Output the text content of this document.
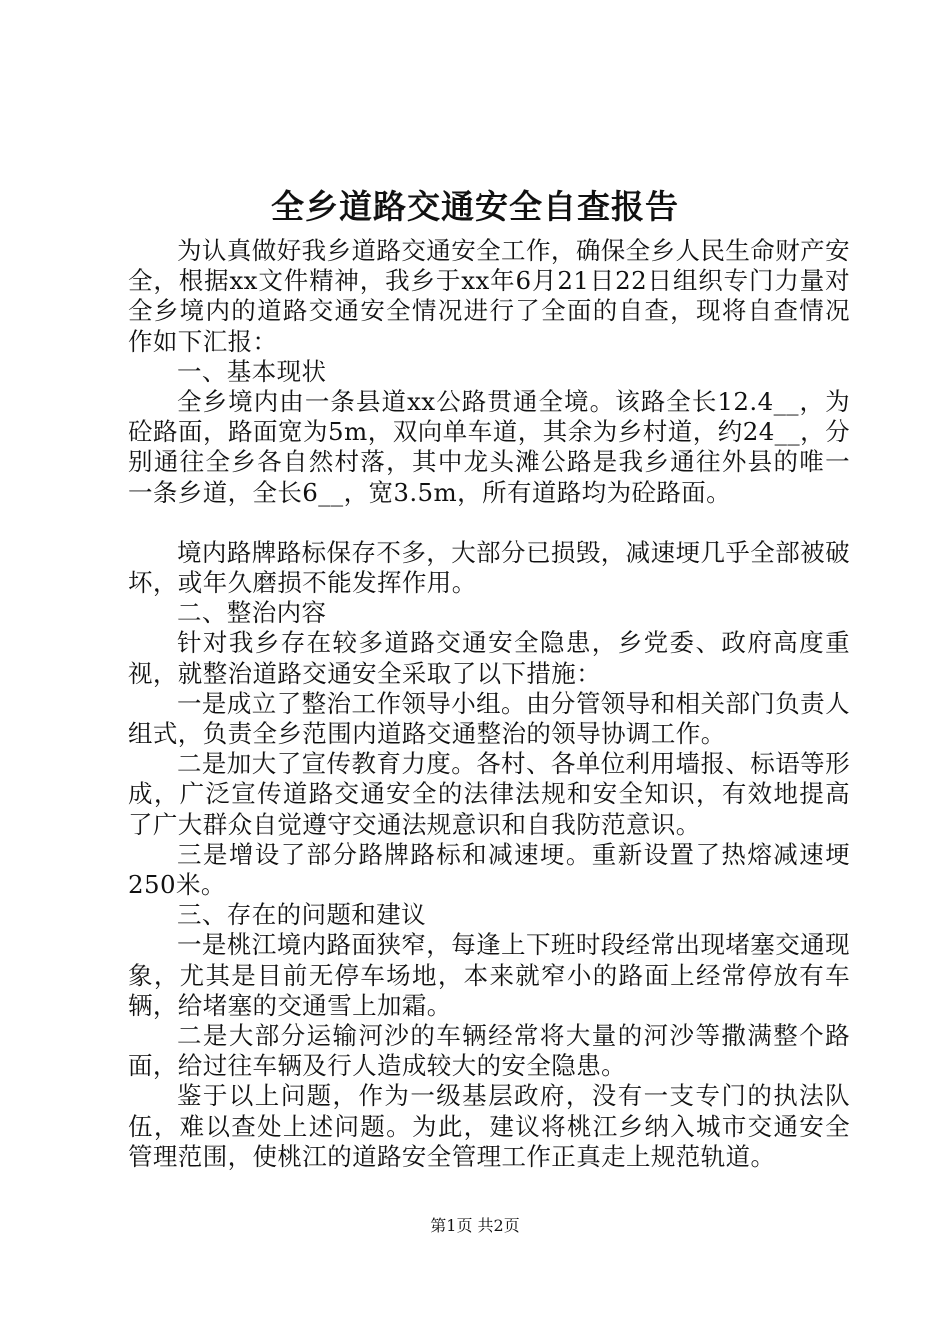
全乡道路交通安全自查报告

为认真做好我乡道路交通安全工作，确保全乡人民生命财产安全，根据xx文件精神，我乡于xx年6月21日22日组织专门力量对全乡境内的道路交通安全情况进行了全面的自查，现将自查情况作如下汇报：

一、基本现状

全乡境内由一条县道xx公路贯通全境。该路全长12.4__，为砼路面，路面宽为5m，双向单车道，其余为乡村道，约24__，分别通往全乡各自然村落，其中龙头滩公路是我乡通往外县的唯一一条乡道，全长6__，宽3.5m，所有道路均为砼路面。

境内路牌路标保存不多，大部分已损毁，减速埂几乎全部被破坏，或年久磨损不能发挥作用。

二、整治内容

针对我乡存在较多道路交通安全隐患，乡党委、政府高度重视，就整治道路交通安全采取了以下措施：

一是成立了整治工作领导小组。由分管领导和相关部门负责人组式，负责全乡范围内道路交通整治的领导协调工作。

二是加大了宣传教育力度。各村、各单位利用墙报、标语等形成，广泛宣传道路交通安全的法律法规和安全知识，有效地提高了广大群众自觉遵守交通法规意识和自我防范意识。

三是增设了部分路牌路标和减速埂。重新设置了热熔减速埂250米。

三、存在的问题和建议

一是桃江境内路面狭窄，每逢上下班时段经常出现堵塞交通现象，尤其是目前无停车场地，本来就窄小的路面上经常停放有车辆，给堵塞的交通雪上加霜。

二是大部分运输河沙的车辆经常将大量的河沙等撒满整个路面，给过往车辆及行人造成较大的安全隐患。

鉴于以上问题，作为一级基层政府，没有一支专门的执法队伍，难以查处上述问题。为此，建议将桃江乡纳入城市交通安全管理范围，使桃江的道路安全管理工作正真走上规范轨道。

第1页 共2页
